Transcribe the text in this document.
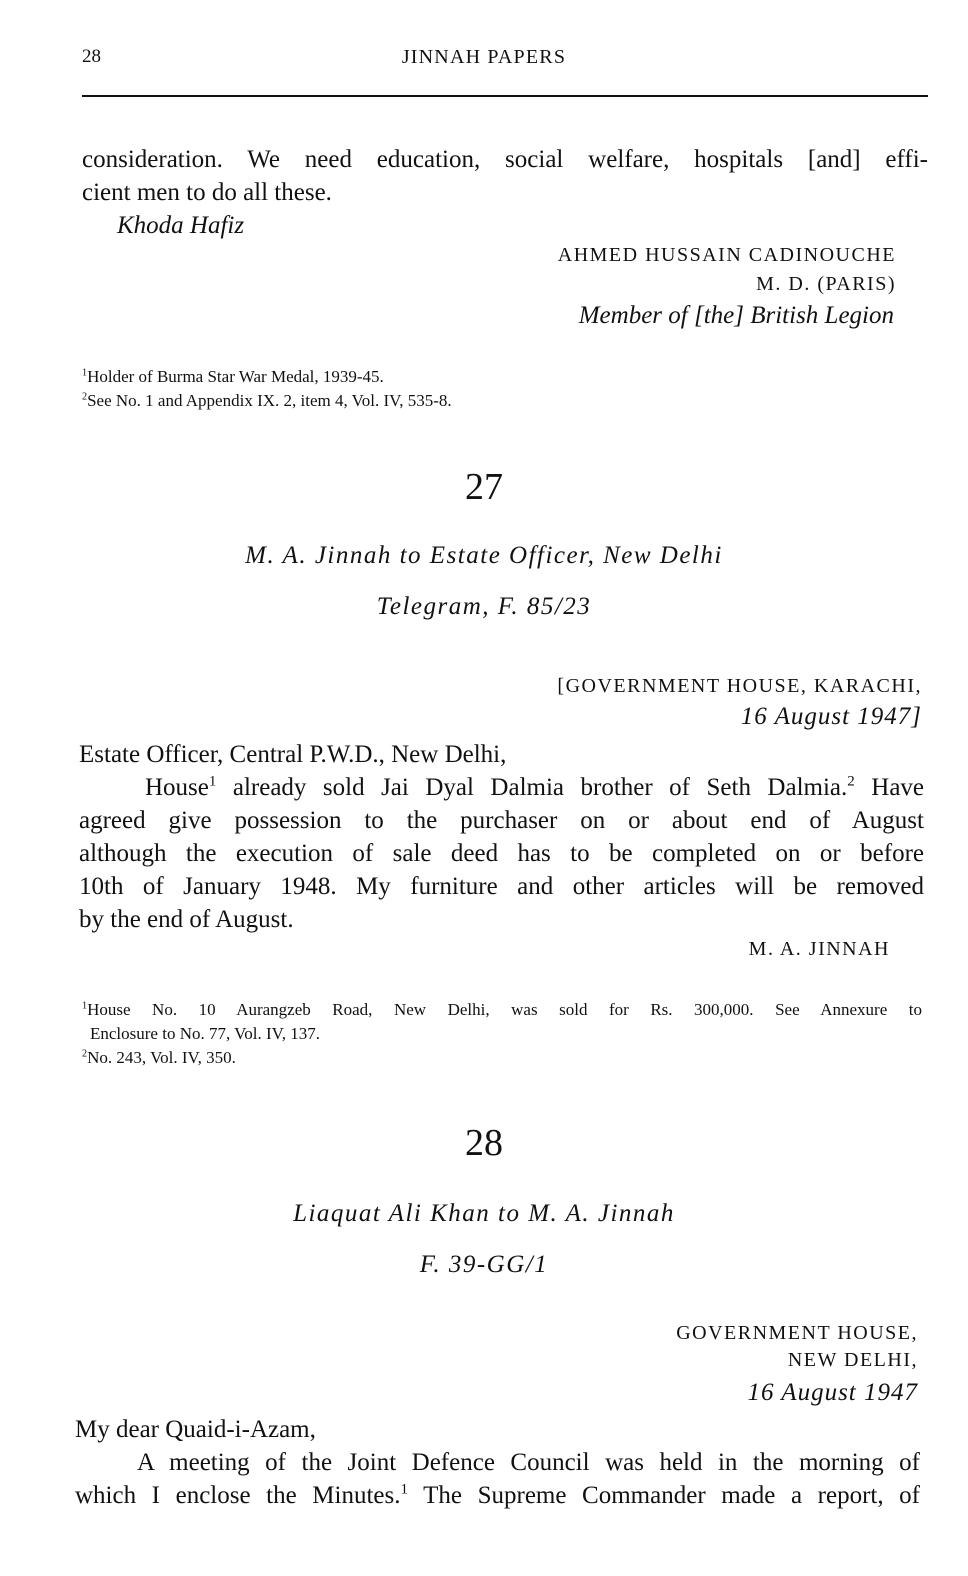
28	JINNAH PAPERS
consideration. We need education, social welfare, hospitals [and] effi-
cient men to do all these.
Khoda Hafiz
AHMED HUSSAIN CADINOUCHE
M. D. (PARIS)
Member of [the] British Legion
$^1$Holder of Burma Star War Medal, 1939-45.
$^2$See No. 1 and Appendix IX. 2, item 4, Vol. IV, 535-8.
27
M. A. Jinnah to Estate Officer, New Delhi
Telegram, F. 85/23
[GOVERNMENT HOUSE, KARACHI,
16 August 1947]
Estate Officer, Central P.W.D., New Delhi,
House$^1$ already sold Jai Dyal Dalmia brother of Seth Dalmia.$^2$ Have
agreed give possession to the purchaser on or about end of August
although the execution of sale deed has to be completed on or before
10th of January 1948. My furniture and other articles will be removed
by the end of August.
M. A. JINNAH
$^1$House No. 10 Aurangzeb Road, New Delhi, was sold for Rs. 300,000. See Annexure to
Enclosure to No. 77, Vol. IV, 137.
$^2$No. 243, Vol. IV, 350.
28
Liaquat Ali Khan to M. A. Jinnah
F. 39-GG/1
GOVERNMENT HOUSE,
NEW DELHI,
16 August 1947
My dear Quaid-i-Azam,
A meeting of the Joint Defence Council was held in the morning of
which I enclose the Minutes.$^1$ The Supreme Commander made a report, of
